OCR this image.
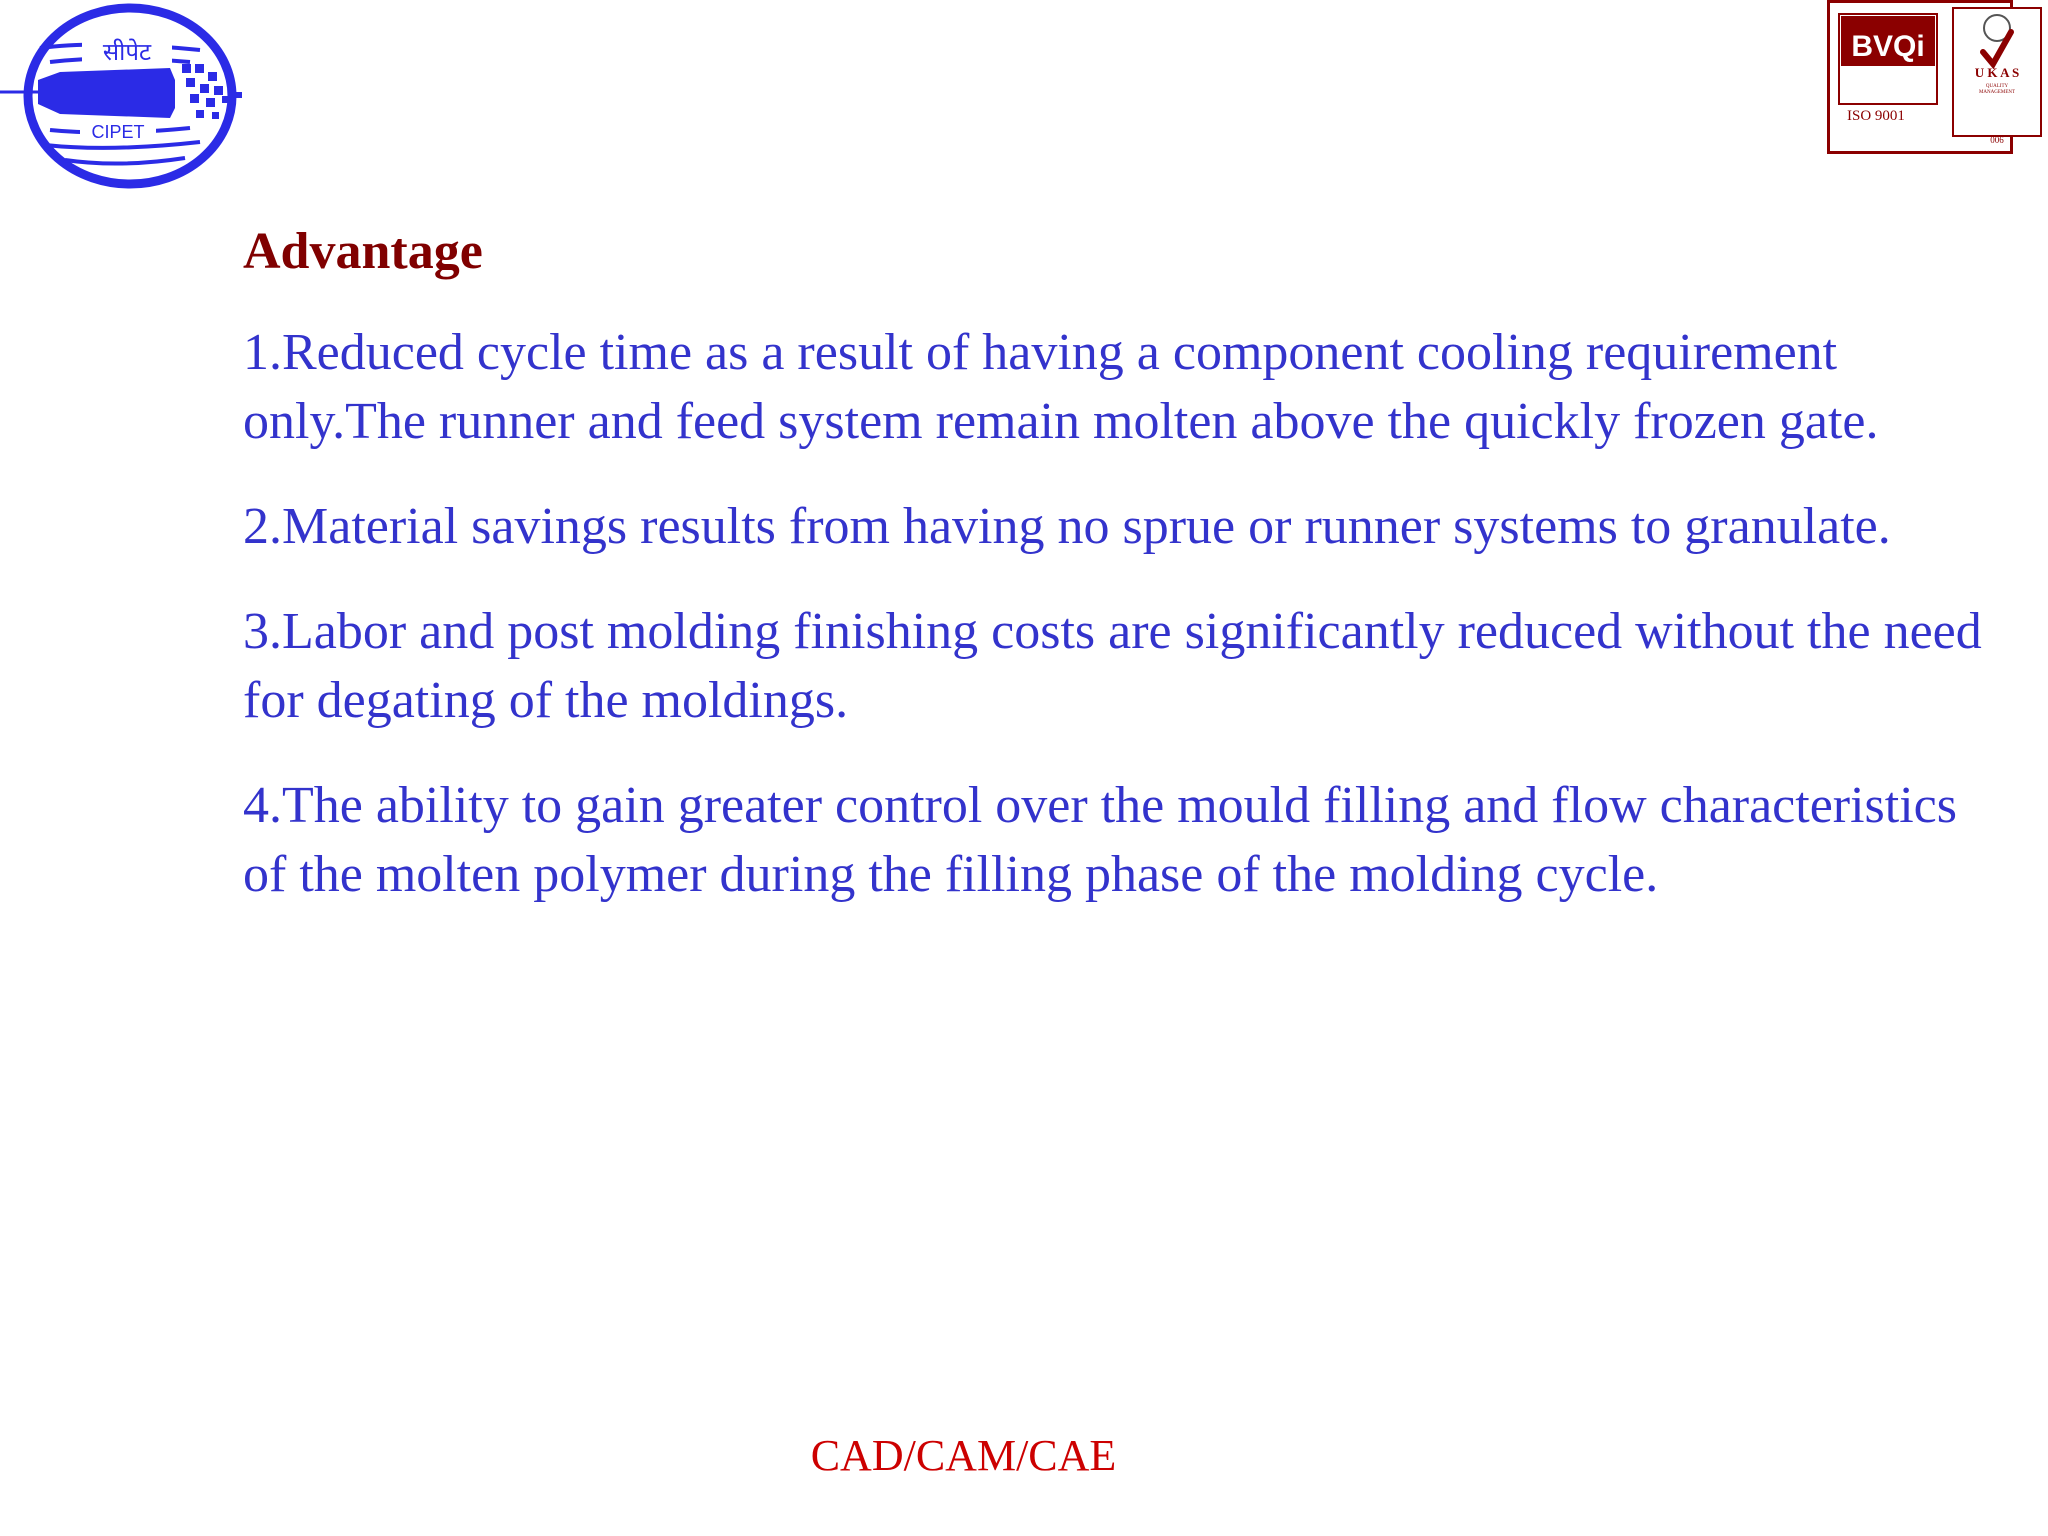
सीपेट
CIPET
BVQi
ISO 9001
U K A S
QUALITY
MANAGEMENT
006
Advantage

1.Reduced cycle time as a result of having a component cooling requirement only.The runner and feed system remain molten above the quickly frozen gate.

2.Material savings results from having no sprue or runner systems to granulate.

3.Labor and post molding finishing costs are significantly reduced without the need for degating of the moldings.

4.The ability to gain greater control over the mould filling and flow characteristics of the molten polymer during the filling phase of the molding cycle.

CAD/CAM/CAE
